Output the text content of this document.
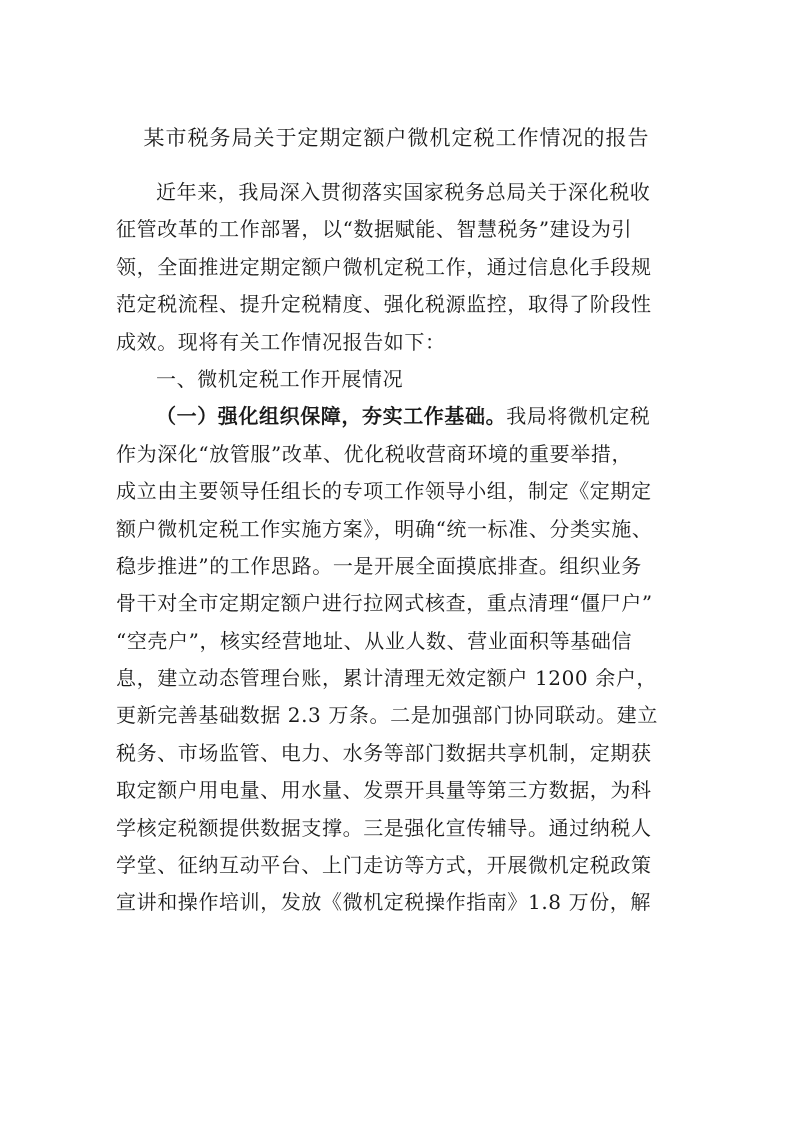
某市税务局关于定期定额户微机定税工作情况的报告
近年来，我局深入贯彻落实国家税务总局关于深化税收
征管改革的工作部署，以“数据赋能、智慧税务”建设为引
领，全面推进定期定额户微机定税工作，通过信息化手段规
范定税流程、提升定税精度、强化税源监控，取得了阶段性
成效。现将有关工作情况报告如下：
一、微机定税工作开展情况
（一）强化组织保障，夯实工作基础。我局将微机定税
作为深化“放管服”改革、优化税收营商环境的重要举措，
成立由主要领导任组长的专项工作领导小组，制定《定期定
额户微机定税工作实施方案》，明确“统一标准、分类实施、
稳步推进”的工作思路。一是开展全面摸底排查。组织业务
骨干对全市定期定额户进行拉网式核查，重点清理“僵尸户”
“空壳户”，核实经营地址、从业人数、营业面积等基础信
息，建立动态管理台账，累计清理无效定额户 1200 余户，
更新完善基础数据 2.3 万条。二是加强部门协同联动。建立
税务、市场监管、电力、水务等部门数据共享机制，定期获
取定额户用电量、用水量、发票开具量等第三方数据，为科
学核定税额提供数据支撑。三是强化宣传辅导。通过纳税人
学堂、征纳互动平台、上门走访等方式，开展微机定税政策
宣讲和操作培训，发放《微机定税操作指南》1.8 万份，解
